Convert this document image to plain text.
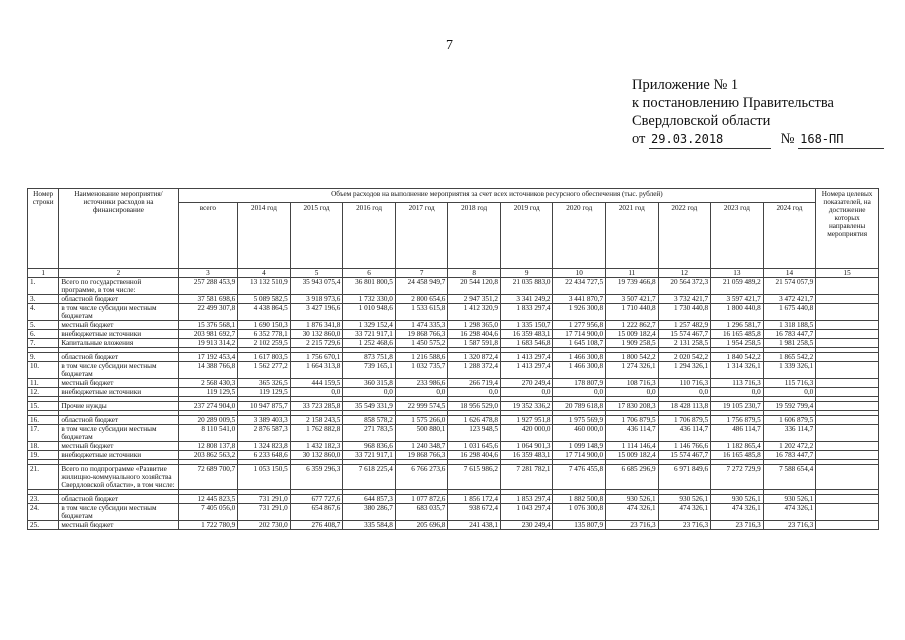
7
Приложение № 1
к постановлению Правительства
Свердловской области
от 29.03.2018	№ 168-ПП
Номер строки	Наименование мероприятия/ источники расходов на финансирование	Объем расходов на выполнение мероприятия за счет всех источников ресурсного обеспечения (тыс. рублей)												Номера целевых показателей, на достижение которых направлены мероприятия
		всего	2014 год	2015 год	2016 год	2017 год	2018 год	2019 год	2020 год	2021 год	2022 год	2023 год	2024 год	
1	2	3	4	5	6	7	8	9	10	11	12	13	14	15
1.	Всего по государственной программе, в том числе:	257 288 453,9	13 132 510,9	35 943 075,4	36 801 800,5	24 458 949,7	20 544 120,8	21 035 883,0	22 434 727,5	19 739 466,8	20 564 372,3	21 059 489,2	21 574 057,9	
3.	областной бюджет	37 581 698,6	5 089 582,5	3 918 973,6	1 732 330,0	2 800 654,6	2 947 351,2	3 341 249,2	3 441 870,7	3 507 421,7	3 732 421,7	3 597 421,7	3 472 421,7	
4.	в том числе субсидии местным бюджетам	22 499 307,8	4 438 864,5	3 427 196,6	1 010 948,6	1 533 615,8	1 412 320,9	1 833 297,4	1 926 300,8	1 710 440,8	1 730 440,8	1 800 440,8	1 675 440,8	
5.	местный бюджет	15 376 568,1	1 690 150,3	1 876 341,8	1 329 152,4	1 474 335,3	1 298 365,0	1 335 150,7	1 277 956,8	1 222 862,7	1 257 482,9	1 296 581,7	1 318 188,5	
6.	внебюджетные источники	203 981 692,7	6 352 778,1	30 132 860,0	33 721 917,1	19 868 766,3	16 298 404,6	16 359 483,1	17 714 900,0	15 009 182,4	15 574 467,7	16 165 485,8	16 783 447,7	
7.	Капитальные вложения	19 913 314,2	2 102 259,5	2 215 729,6	1 252 468,6	1 450 575,2	1 587 591,8	1 683 546,8	1 645 108,7	1 909 258,5	2 131 258,5	1 954 258,5	1 981 258,5	

9.	областной бюджет	17 192 453,4	1 617 803,5	1 756 670,1	873 751,8	1 216 588,6	1 320 872,4	1 413 297,4	1 466 300,8	1 800 542,2	2 020 542,2	1 840 542,2	1 865 542,2	
10.	в том числе субсидии местным бюджетам	14 388 766,8	1 562 277,2	1 664 313,8	739 165,1	1 032 735,7	1 288 372,4	1 413 297,4	1 466 300,8	1 274 326,1	1 294 326,1	1 314 326,1	1 339 326,1	
11.	местный бюджет	2 568 430,3	365 326,5	444 159,5	360 315,8	233 986,6	266 719,4	270 249,4	178 807,9	108 716,3	110 716,3	113 716,3	115 716,3	
12.	внебюджетные источники	119 129,5	119 129,5	0,0	0,0	0,0	0,0	0,0	0,0	0,0	0,0	0,0	0,0	

15.	Прочие нужды	237 274 904,0	10 947 875,7	33 723 285,8	35 549 331,9	22 999 574,5	18 956 529,0	19 352 336,2	20 789 618,8	17 830 208,3	18 428 113,8	19 105 230,7	19 592 799,4	

16.	областной бюджет	20 289 009,5	3 389 403,3	2 158 243,5	858 578,2	1 575 266,0	1 626 478,8	1 927 951,8	1 975 569,9	1 706 879,5	1 706 879,5	1 756 879,5	1 606 879,5	
17.	в том числе субсидии местным бюджетам	8 110 541,0	2 876 587,3	1 762 882,8	271 783,5	500 880,1	123 948,5	420 000,0	460 000,0	436 114,7	436 114,7	486 114,7	336 114,7	
18.	местный бюджет	12 808 137,8	1 324 823,8	1 432 182,3	968 836,6	1 240 348,7	1 031 645,6	1 064 901,3	1 099 148,9	1 114 146,4	1 146 766,6	1 182 865,4	1 202 472,2	
19.	внебюджетные источники	203 862 563,2	6 233 648,6	30 132 860,0	33 721 917,1	19 868 766,3	16 298 404,6	16 359 483,1	17 714 900,0	15 009 182,4	15 574 467,7	16 165 485,8	16 783 447,7	

21.	Всего по подпрограмме «Развитие жилищно-коммунального хозяйства Свердловской области», в том числе:	72 689 700,7	1 053 150,5	6 359 296,3	7 618 225,4	6 766 273,6	7 615 986,2	7 281 782,1	7 476 455,8	6 685 296,9	6 971 849,6	7 272 729,9	7 588 654,4	

23.	областной бюджет	12 445 823,5	731 291,0	677 727,6	644 857,3	1 077 872,6	1 856 172,4	1 853 297,4	1 882 500,8	930 526,1	930 526,1	930 526,1	930 526,1	
24.	в том числе субсидии местным бюджетам	7 405 056,0	731 291,0	654 867,6	380 286,7	683 035,7	938 672,4	1 043 297,4	1 076 300,8	474 326,1	474 326,1	474 326,1	474 326,1	
25.	местный бюджет	1 722 780,9	202 730,0	276 408,7	335 584,8	205 696,8	241 438,1	230 249,4	135 807,9	23 716,3	23 716,3	23 716,3	23 716,3	
